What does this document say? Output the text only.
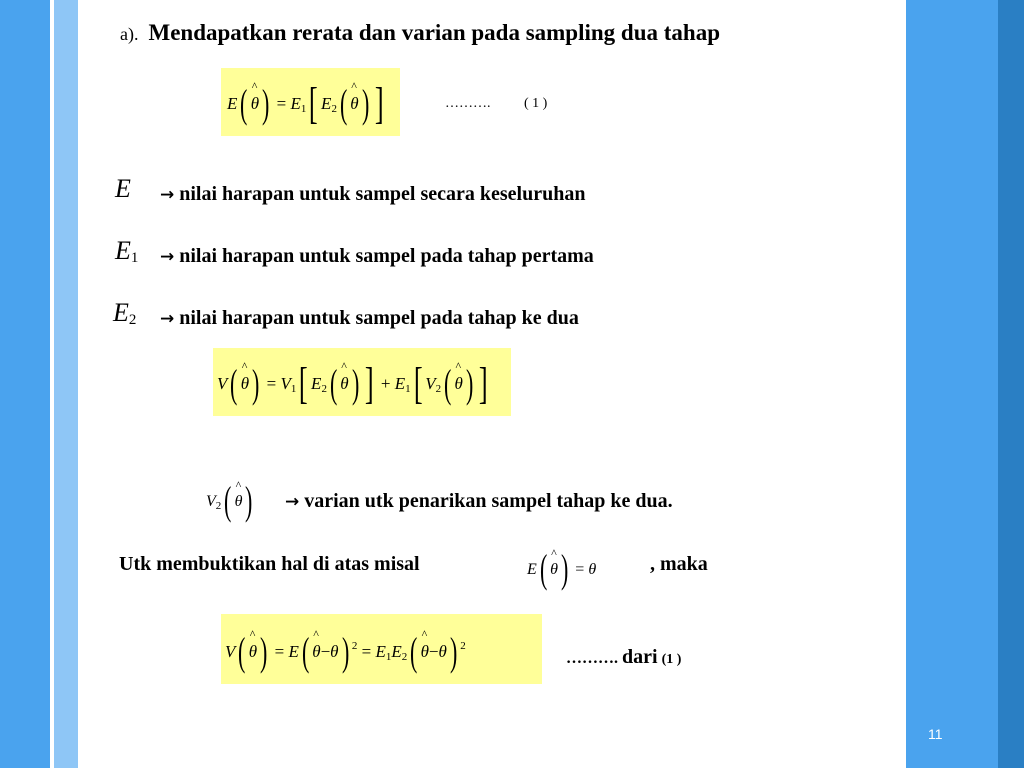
a). Mendapatkan rerata dan varian pada sampling dua tahap
E(^ $\theta) = E_1$[ $E_2(\^{}$ θ) ]	………. ( 1 )
E → nilai harapan untuk sampel secara keseluruhan
E1 → nilai harapan untuk sampel pada tahap pertama
E2 → nilai harapan untuk sampel pada tahap ke dua
V(^ $\theta) = V_1$[ $E_2(\^{}$ θ) ] + $E_1$[ $V_2(\^{}$ θ) ]
$V_2(\^{}$ θ) → varian utk penarikan sampel tahap ke dua.
Utk membuktikan hal di atas misal	E(^ θ) = θ	, maka
V(^ θ) = E(^ θ−θ) $^2 = E_1E_2(\^{}$ θ−θ) $^2$
………. dari (1 )
11
